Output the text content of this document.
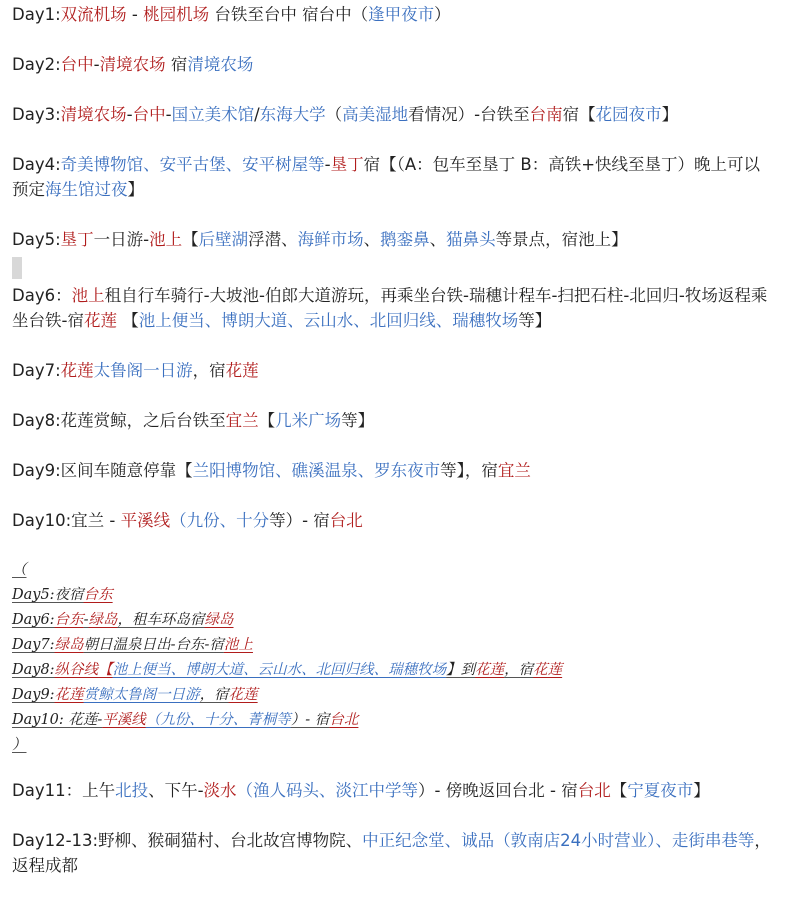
Day1:双流机场 - 桃园机场 台铁至台中 宿台中（逢甲夜市）
Day2:台中-清境农场 宿清境农场
Day3:清境农场-台中-国立美术馆/东海大学（高美湿地看情况）-台铁至台南宿【花园夜市】
Day4:奇美博物馆、安平古堡、安平树屋等-垦丁宿【（A：包车至垦丁 B：高铁+快线至垦丁）晚上可以预定海生馆过夜】
Day5:垦丁一日游-池上【后壁湖浮潜、海鲜市场、鹅銮鼻、猫鼻头等景点，宿池上】
Day6：池上租自行车骑行-大坡池-伯郎大道游玩，再乘坐台铁-瑞穗计程车-扫把石柱-北回归-牧场返程乘坐台铁-宿花莲 【池上便当、博朗大道、云山水、北回归线、瑞穗牧场等】
Day7:花莲太鲁阁一日游，宿花莲
Day8:花莲赏鲸，之后台铁至宜兰【几米广场等】
Day9:区间车随意停靠【兰阳博物馆、礁溪温泉、罗东夜市等】，宿宜兰
Day10:宜兰 - 平溪线（九份、十分等）- 宿台北
（
Day5:夜宿台东
Day6:台东-绿岛，租车环岛宿绿岛
Day7:绿岛朝日温泉日出-台东-宿池上
Day8:纵谷线【池上便当、博朗大道、云山水、北回归线、瑞穗牧场】到花莲，宿花莲
Day9:花莲赏鲸太鲁阁一日游，宿花莲
Day10: 花莲-平溪线（九份、十分、菁桐等）- 宿台北
）
Day11：上午北投、下午-淡水（渔人码头、淡江中学等）- 傍晚返回台北 - 宿台北【宁夏夜市】
Day12-13:野柳、猴硐猫村、台北故宫博物院、中正纪念堂、诚品（敦南店24小时营业）、走街串巷等，返程成都
